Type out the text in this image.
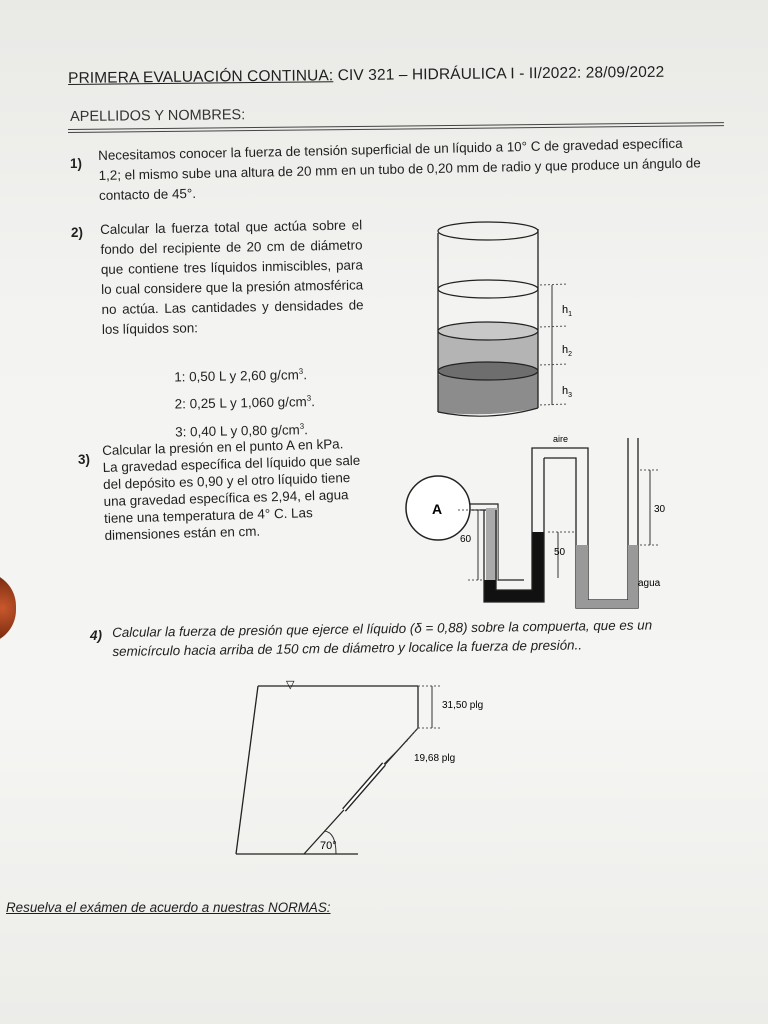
PRIMERA EVALUACIÓN CONTINUA: CIV 321 – HIDRÁULICA I - II/2022: 28/09/2022
APELLIDOS Y NOMBRES:
1)
Necesitamos conocer la fuerza de tensión superficial de un líquido a 10° C de gravedad específica 1,2; el mismo sube una altura de 20 mm en un tubo de 0,20 mm de radio y que produce un ángulo de contacto de 45°.
2) Calcular la fuerza total que actúa sobre el fondo del recipiente de 20 cm de diámetro que contiene tres líquidos inmiscibles, para lo cual considere que la presión atmosférica no actúa. Las cantidades y densidades de los líquidos son:
1: 0,50 L y 2,60 $g/cm^3$.
2: 0,25 L y 1,060 $g/cm^3$.
3: 0,40 L y 0,80 $g/cm^3$.
$h_1$
$h_2$
$h_3$
3)
Calcular la presión en el punto A en kPa. La gravedad específica del líquido que sale del depósito es 0,90 y el otro líquido tiene una gravedad específica es 2,94, el agua tiene una temperatura de 4° C. Las dimensiones están en cm.
aire
A
60
50
30
agua
4) Calcular la fuerza de presión que ejerce el líquido (δ = 0,88) sobre la compuerta, que es un semicírculo hacia arriba de 150 cm de diámetro y localice la fuerza de presión..
▽
70°
31,50 plg
19,68 plg
Resuelva el exámen de acuerdo a nuestras NORMAS:
